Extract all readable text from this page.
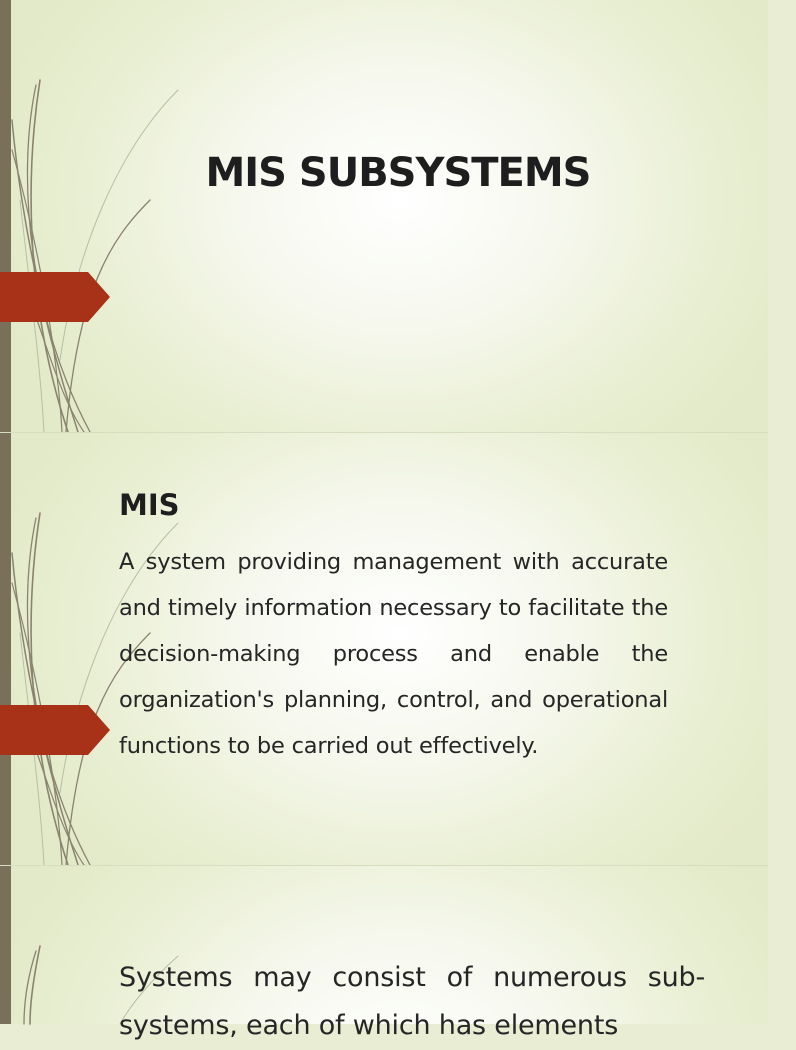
MIS SUBSYSTEMS
MIS

A system providing management with accurate and timely information necessary to facilitate the decision-making process and enable the organization's planning, control, and operational functions to be carried out effectively.

Systems may consist of numerous sub-systems, each of which has elements
